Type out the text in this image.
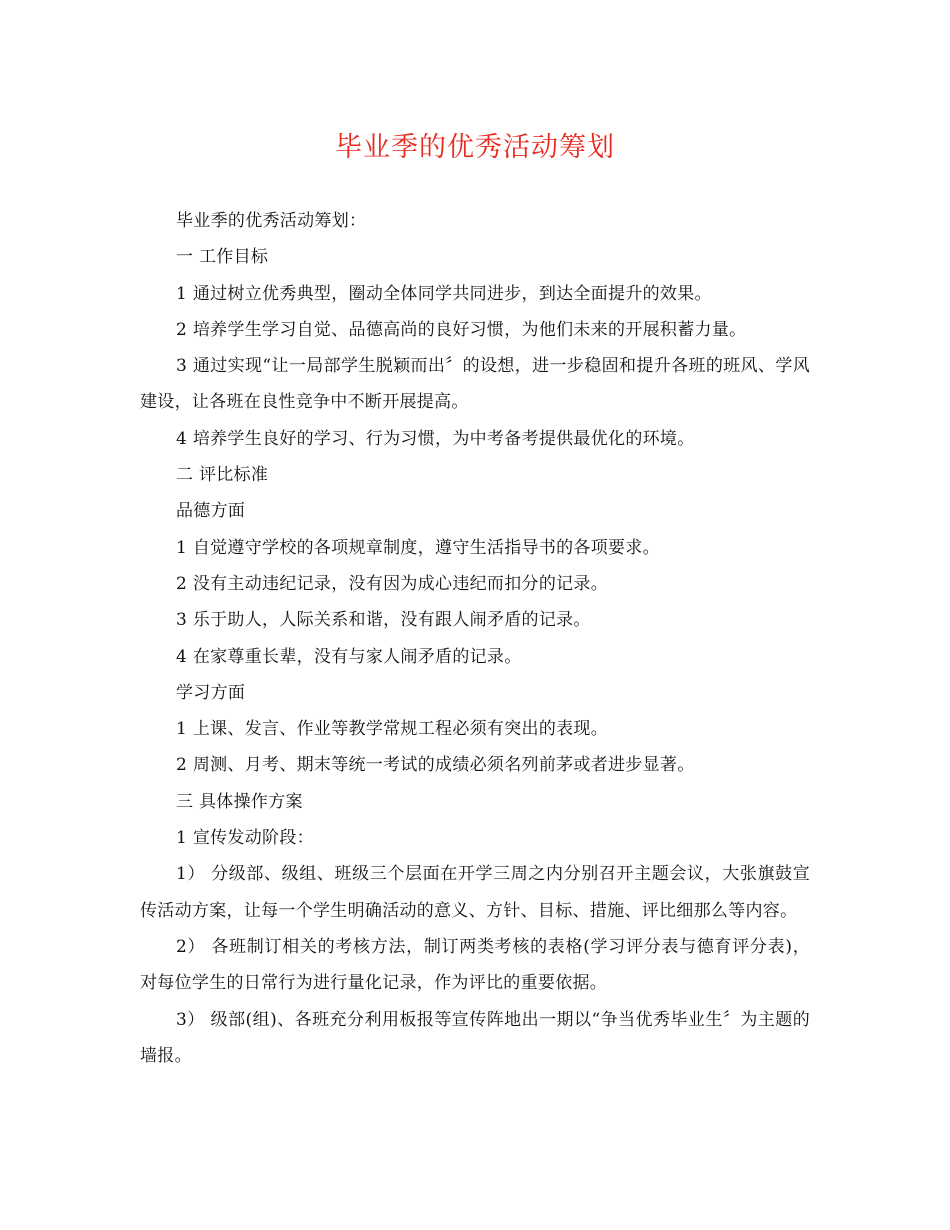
毕业季的优秀活动筹划

毕业季的优秀活动筹划：

一 工作目标

1 通过树立优秀典型，圈动全体同学共同进步，到达全面提升的效果。

2 培养学生学习自觉、品德高尚的良好习惯，为他们未来的开展积蓄力量。

3 通过实现“让一局部学生脱颖而出〞的设想，进一步稳固和提升各班的班风、学风建设，让各班在良性竞争中不断开展提高。

4 培养学生良好的学习、行为习惯，为中考备考提供最优化的环境。

二 评比标准

品德方面

1 自觉遵守学校的各项规章制度，遵守生活指导书的各项要求。

2 没有主动违纪记录，没有因为成心违纪而扣分的记录。

3 乐于助人，人际关系和谐，没有跟人闹矛盾的记录。

4 在家尊重长辈，没有与家人闹矛盾的记录。

学习方面

1 上课、发言、作业等教学常规工程必须有突出的表现。

2 周测、月考、期末等统一考试的成绩必须名列前茅或者进步显著。

三 具体操作方案

1 宣传发动阶段：

1） 分级部、级组、班级三个层面在开学三周之内分别召开主题会议，大张旗鼓宣传活动方案，让每一个学生明确活动的意义、方针、目标、措施、评比细那么等内容。

2） 各班制订相关的考核方法，制订两类考核的表格(学习评分表与德育评分表)，对每位学生的日常行为进行量化记录，作为评比的重要依据。

3） 级部(组)、各班充分利用板报等宣传阵地出一期以“争当优秀毕业生〞为主题的墙报。
